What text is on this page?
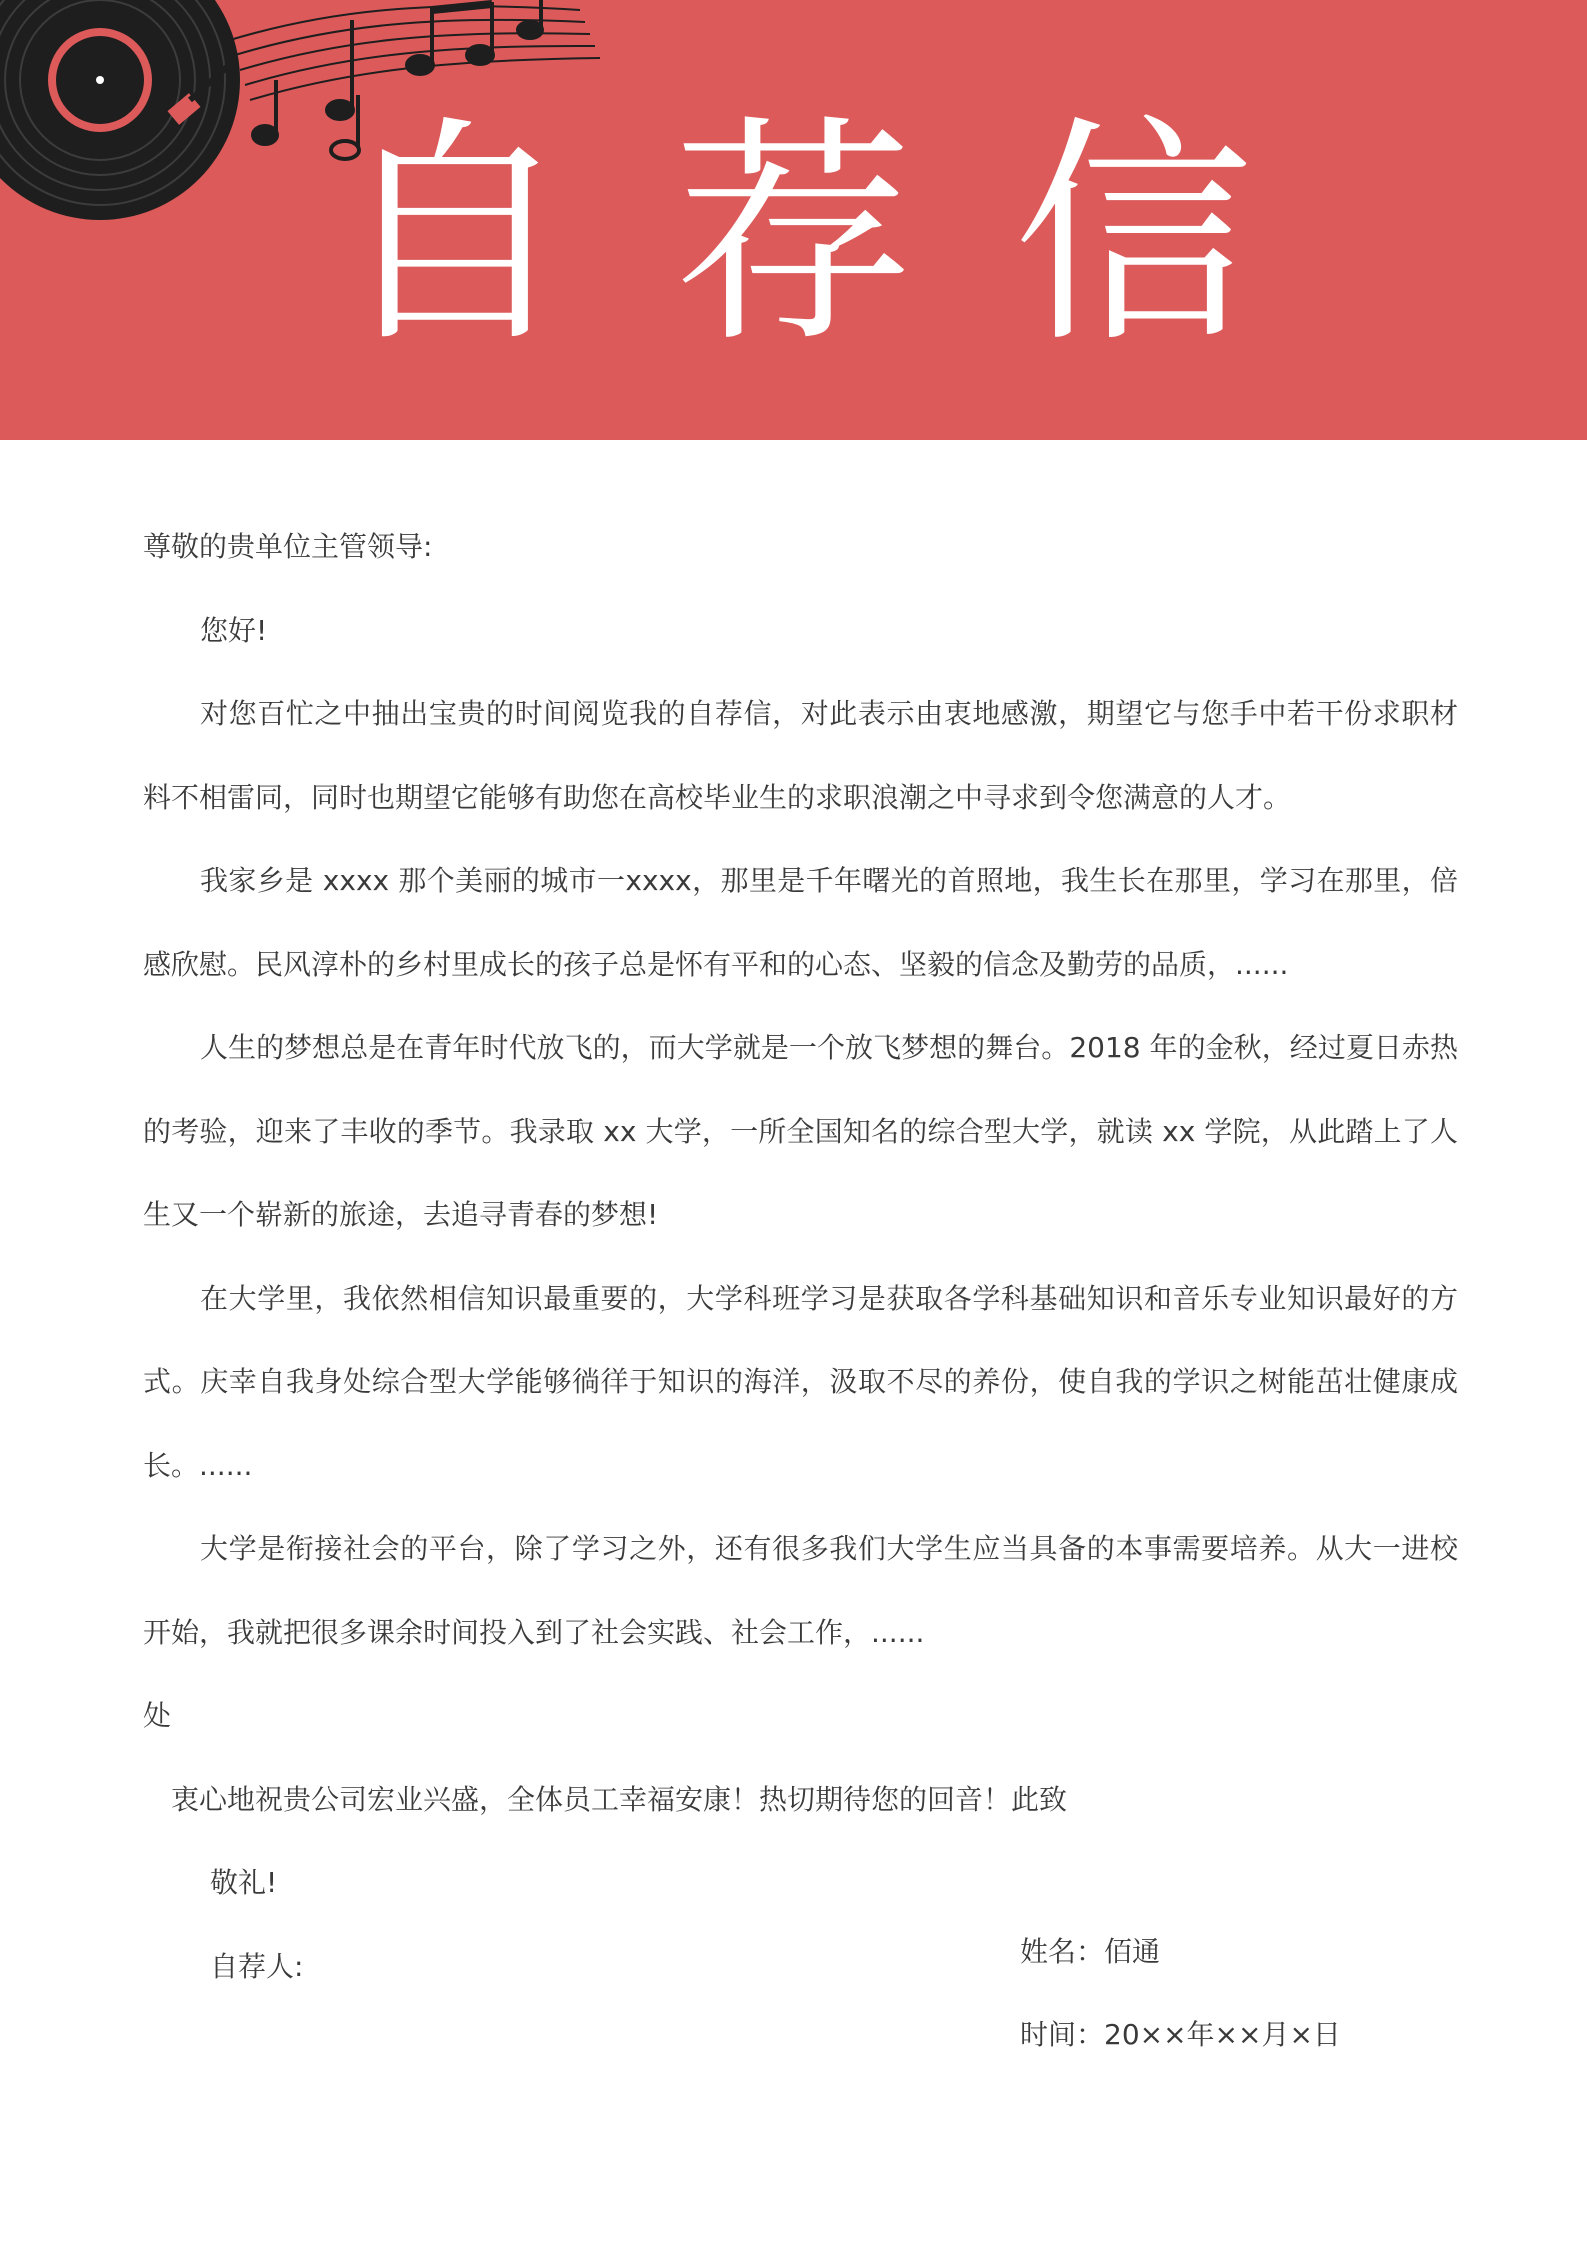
自荐信
尊敬的贵单位主管领导:
您好!
对您百忙之中抽出宝贵的时间阅览我的自荐信，对此表示由衷地感激，期望它与您手中若干份求职材料不相雷同，同时也期望它能够有助您在高校毕业生的求职浪潮之中寻求到令您满意的人才。
我家乡是 xxxx 那个美丽的城市一xxxx，那里是千年曙光的首照地，我生长在那里，学习在那里，倍感欣慰。民风淳朴的乡村里成长的孩子总是怀有平和的心态、坚毅的信念及勤劳的品质，......
人生的梦想总是在青年时代放飞的，而大学就是一个放飞梦想的舞台。2018 年的金秋，经过夏日赤热的考验，迎来了丰收的季节。我录取 xx 大学，一所全国知名的综合型大学，就读 xx 学院，从此踏上了人生又一个崭新的旅途，去追寻青春的梦想!
在大学里，我依然相信知识最重要的，大学科班学习是获取各学科基础知识和音乐专业知识最好的方式。庆幸自我身处综合型大学能够徜徉于知识的海洋，汲取不尽的养份，使自我的学识之树能茁壮健康成长。......
大学是衔接社会的平台，除了学习之外，还有很多我们大学生应当具备的本事需要培养。从大一进校开始，我就把很多课余时间投入到了社会实践、社会工作，......
处
衷心地祝贵公司宏业兴盛，全体员工幸福安康！热切期待您的回音！此致
敬礼!
自荐人:	姓名：佰通
时间：20××年××月×日
